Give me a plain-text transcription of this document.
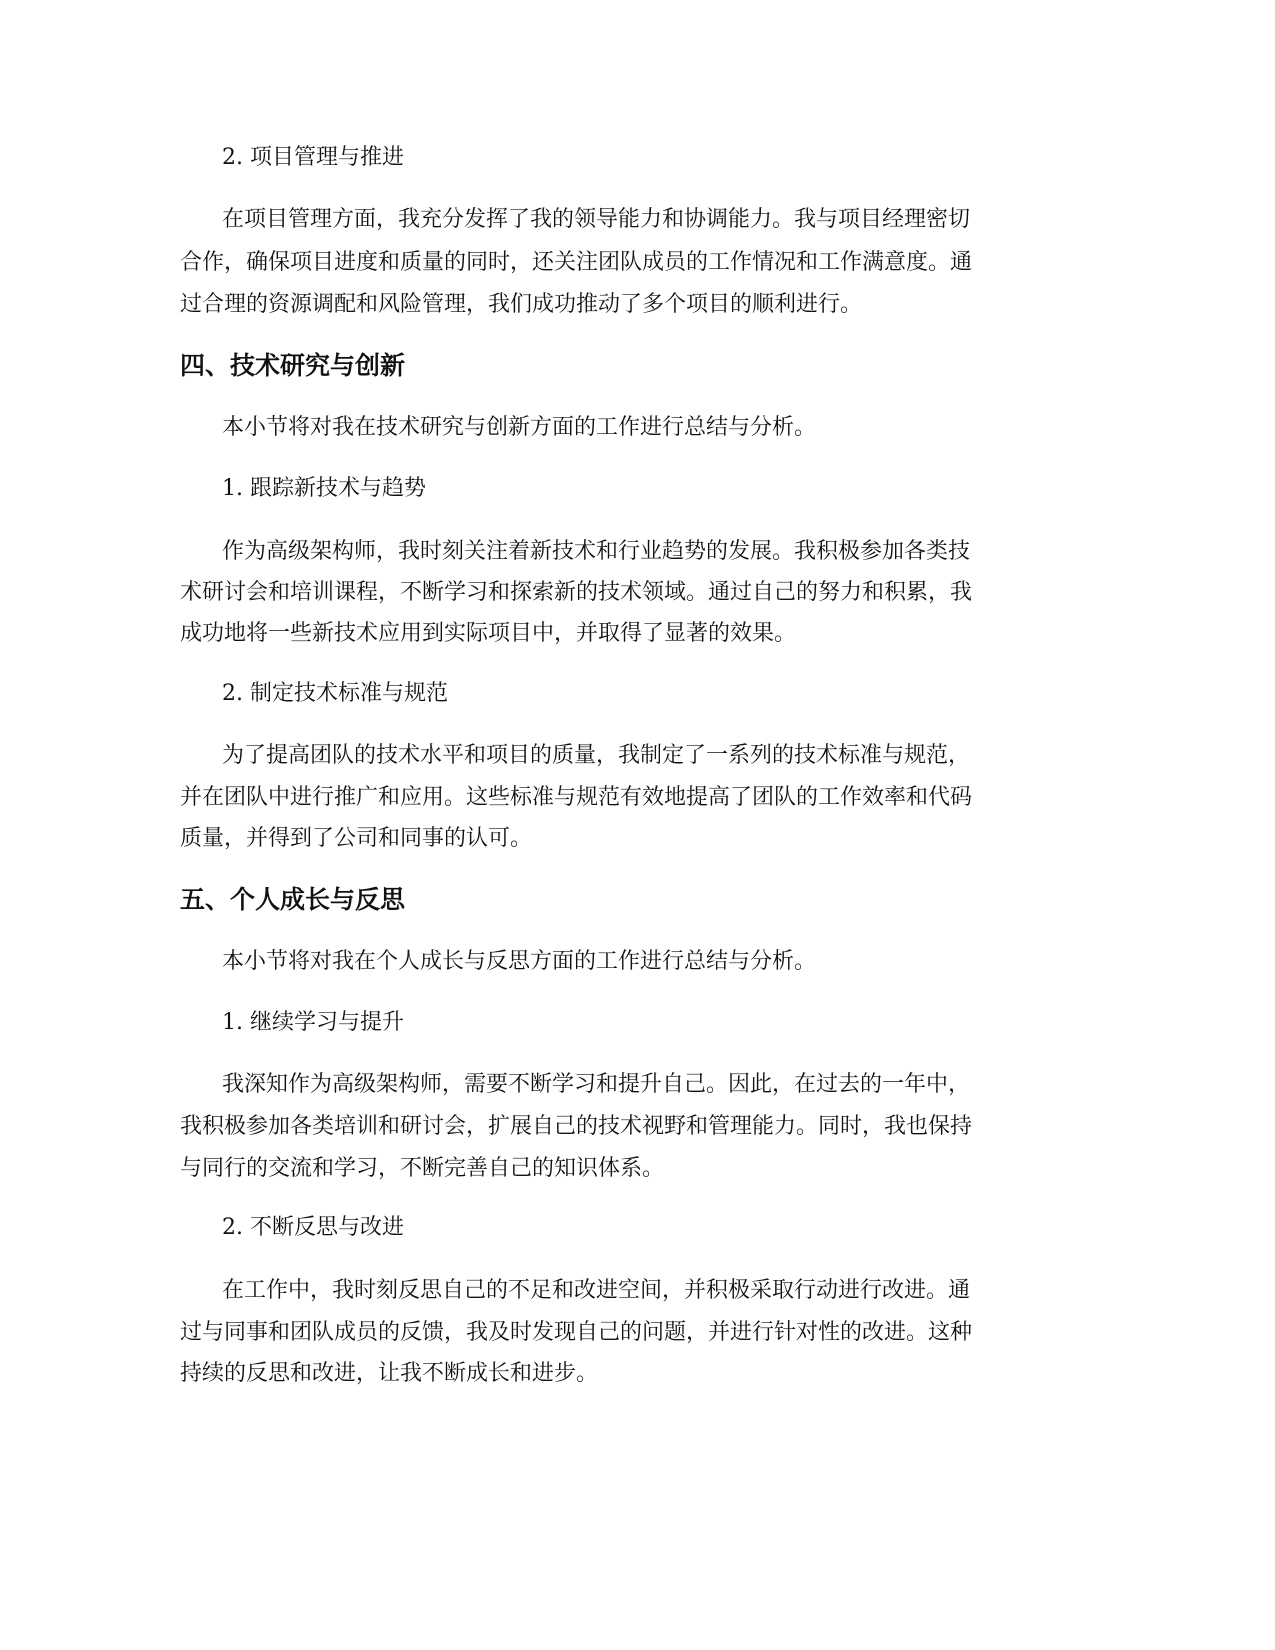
2. 项目管理与推进
在项目管理方面，我充分发挥了我的领导能力和协调能力。我与项目经理密切
合作，确保项目进度和质量的同时，还关注团队成员的工作情况和工作满意度。通
过合理的资源调配和风险管理，我们成功推动了多个项目的顺利进行。
四、技术研究与创新
本小节将对我在技术研究与创新方面的工作进行总结与分析。
1. 跟踪新技术与趋势
作为高级架构师，我时刻关注着新技术和行业趋势的发展。我积极参加各类技
术研讨会和培训课程，不断学习和探索新的技术领域。通过自己的努力和积累，我
成功地将一些新技术应用到实际项目中，并取得了显著的效果。
2. 制定技术标准与规范
为了提高团队的技术水平和项目的质量，我制定了一系列的技术标准与规范，
并在团队中进行推广和应用。这些标准与规范有效地提高了团队的工作效率和代码
质量，并得到了公司和同事的认可。
五、个人成长与反思
本小节将对我在个人成长与反思方面的工作进行总结与分析。
1. 继续学习与提升
我深知作为高级架构师，需要不断学习和提升自己。因此，在过去的一年中，
我积极参加各类培训和研讨会，扩展自己的技术视野和管理能力。同时，我也保持
与同行的交流和学习，不断完善自己的知识体系。
2. 不断反思与改进
在工作中，我时刻反思自己的不足和改进空间，并积极采取行动进行改进。通
过与同事和团队成员的反馈，我及时发现自己的问题，并进行针对性的改进。这种
持续的反思和改进，让我不断成长和进步。
